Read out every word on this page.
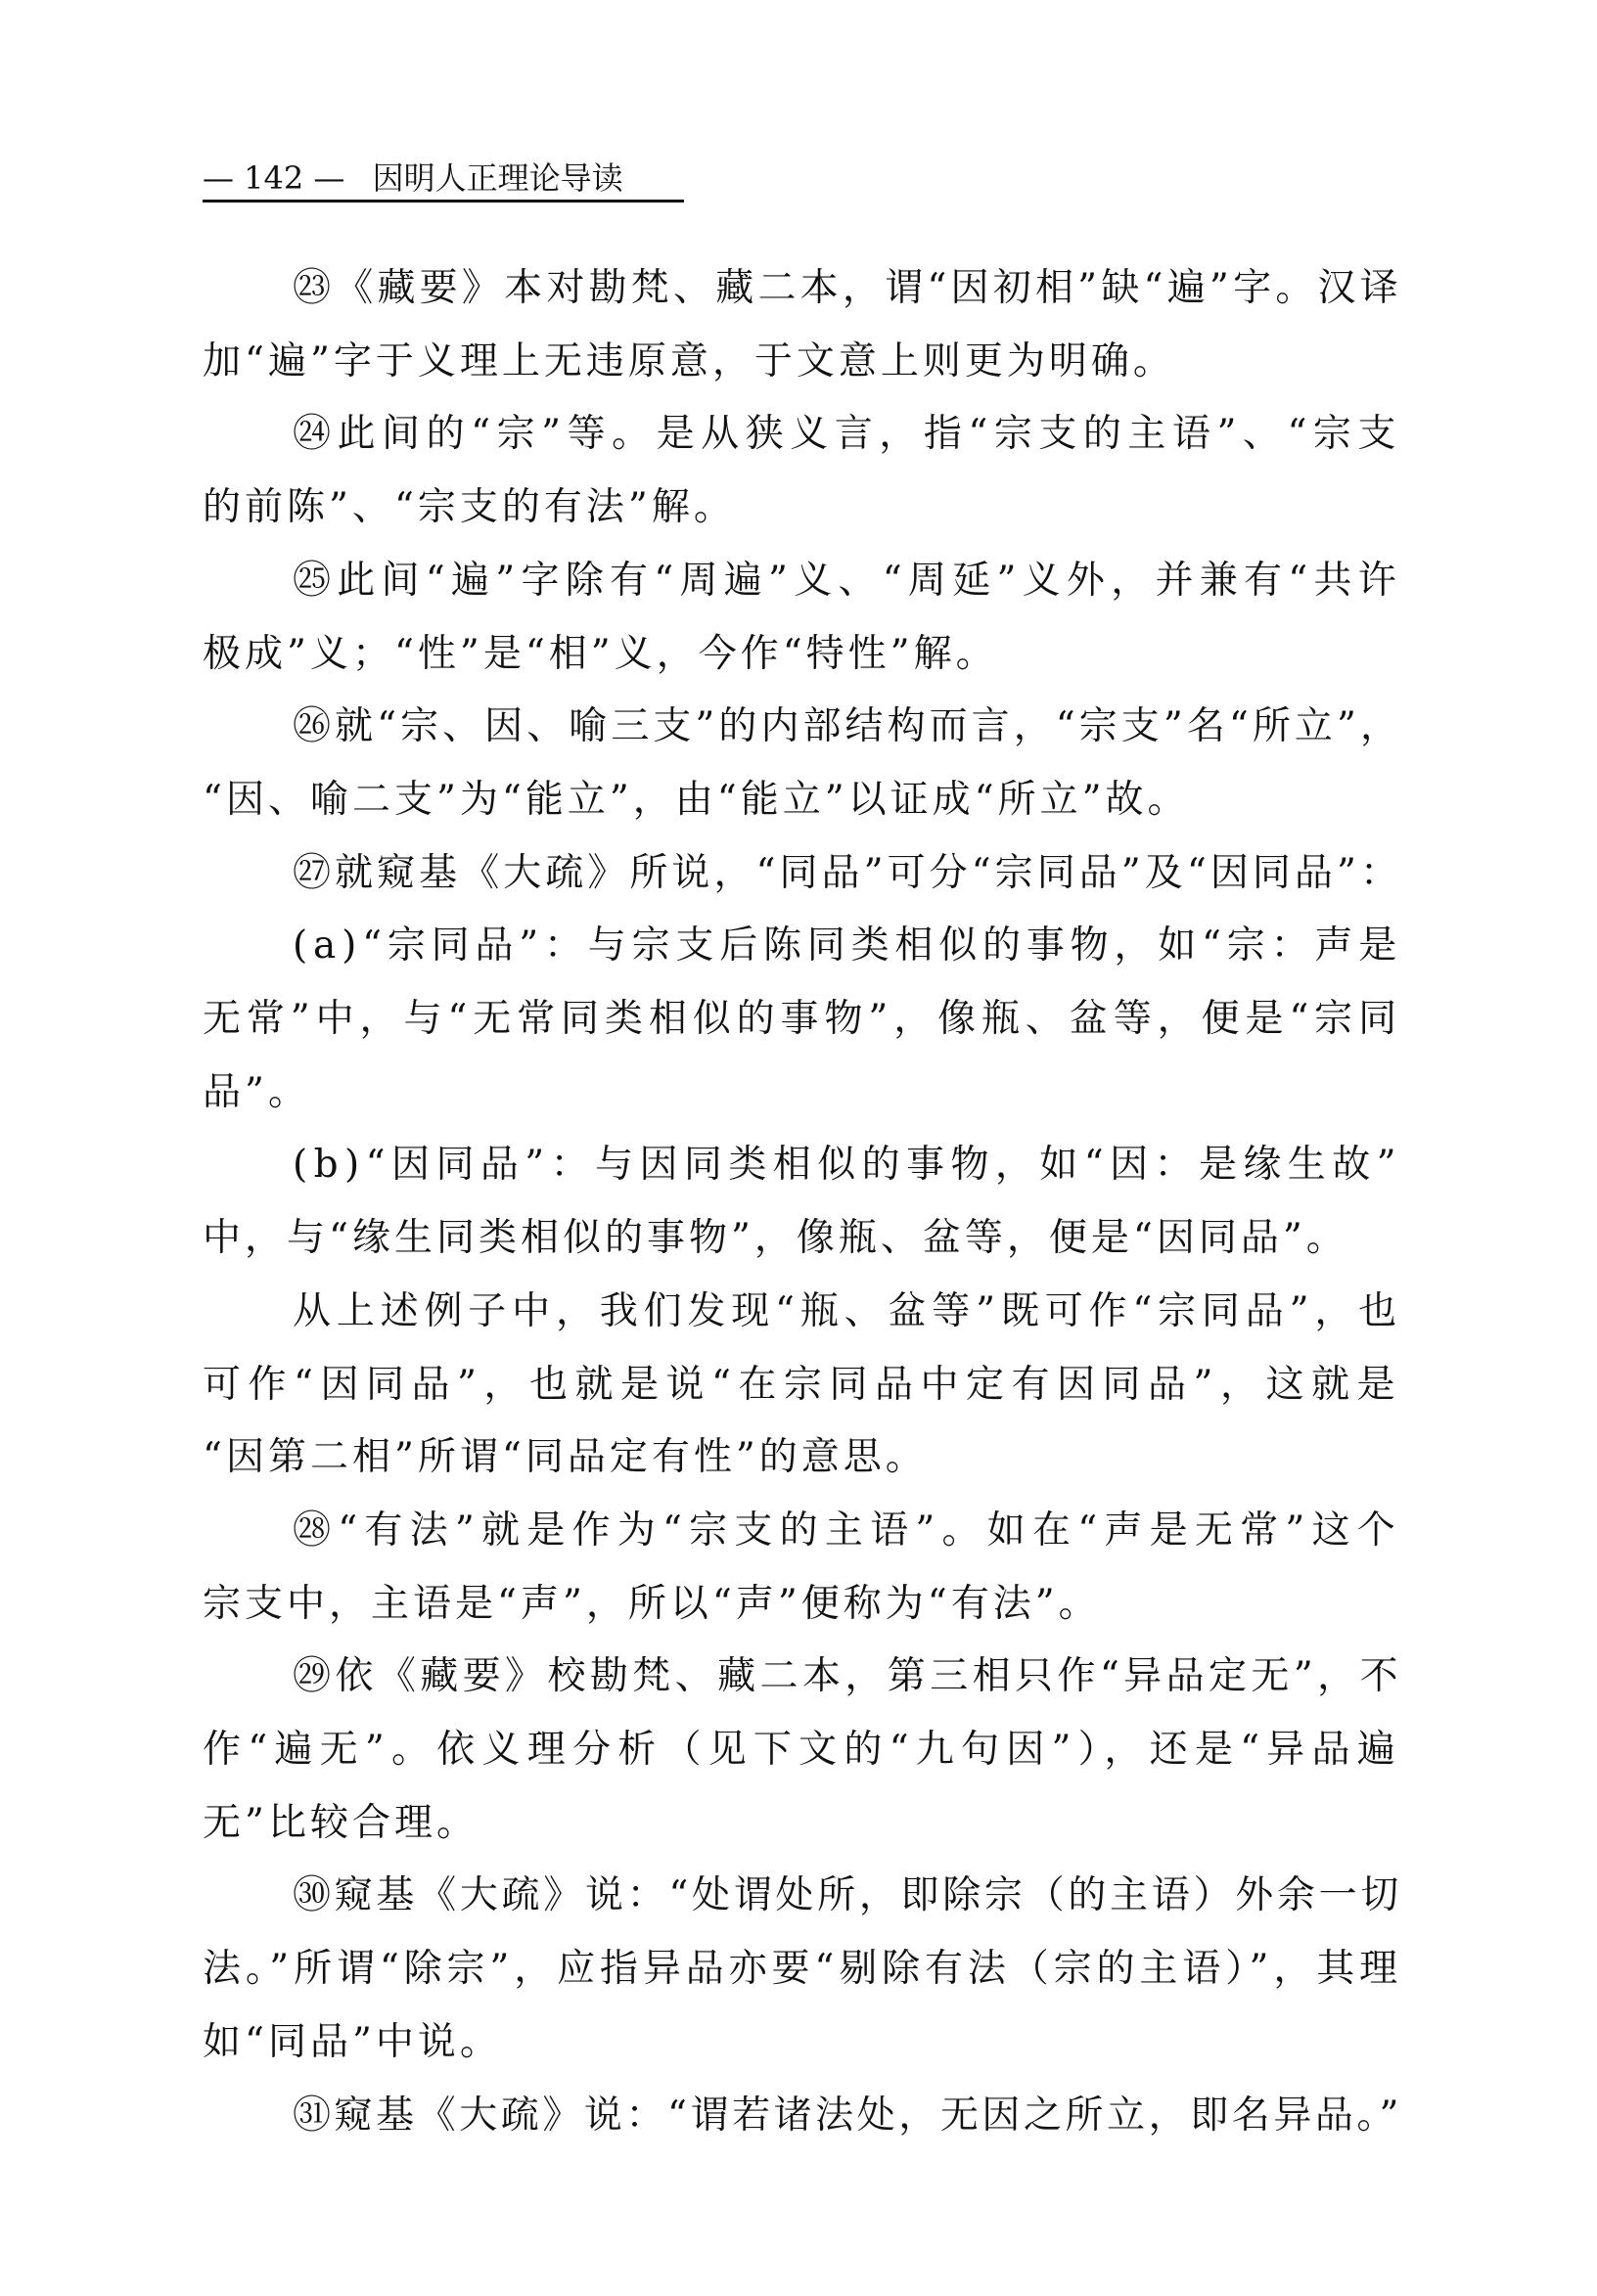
— 142 — 因明人正理论导读
㉓《藏要》本对勘梵、藏二本，谓“因初相”缺“遍”字。汉译
加“遍”字于义理上无违原意，于文意上则更为明确。
㉔此间的“宗”等。是从狭义言，指“宗支的主语”、“宗支
的前陈”、“宗支的有法”解。
㉕此间“遍”字除有“周遍”义、“周延”义外，并兼有“共许
极成”义；“性”是“相”义，今作“特性”解。
㉖就“宗、因、喻三支”的内部结构而言，“宗支”名“所立”，
“因、喻二支”为“能立”，由“能立”以证成“所立”故。
㉗就窥基《大疏》所说，“同品”可分“宗同品”及“因同品”：
(a)“宗同品”：与宗支后陈同类相似的事物，如“宗：声是
无常”中，与“无常同类相似的事物”，像瓶、盆等，便是“宗同
品”。
(b)“因同品”：与因同类相似的事物，如“因：是缘生故”
中，与“缘生同类相似的事物”，像瓶、盆等，便是“因同品”。
从上述例子中，我们发现“瓶、盆等”既可作“宗同品”，也
可作“因同品”，也就是说“在宗同品中定有因同品”，这就是
“因第二相”所谓“同品定有性”的意思。
㉘“有法”就是作为“宗支的主语”。如在“声是无常”这个
宗支中，主语是“声”，所以“声”便称为“有法”。
㉙依《藏要》校勘梵、藏二本，第三相只作“异品定无”，不
作“遍无”。依义理分析（见下文的“九句因”），还是“异品遍
无”比较合理。
㉚窥基《大疏》说：“处谓处所，即除宗（的主语）外余一切
法。”所谓“除宗”，应指异品亦要“剔除有法（宗的主语）”，其理
如“同品”中说。
㉛窥基《大疏》说：“谓若诸法处，无因之所立，即名异品。”
